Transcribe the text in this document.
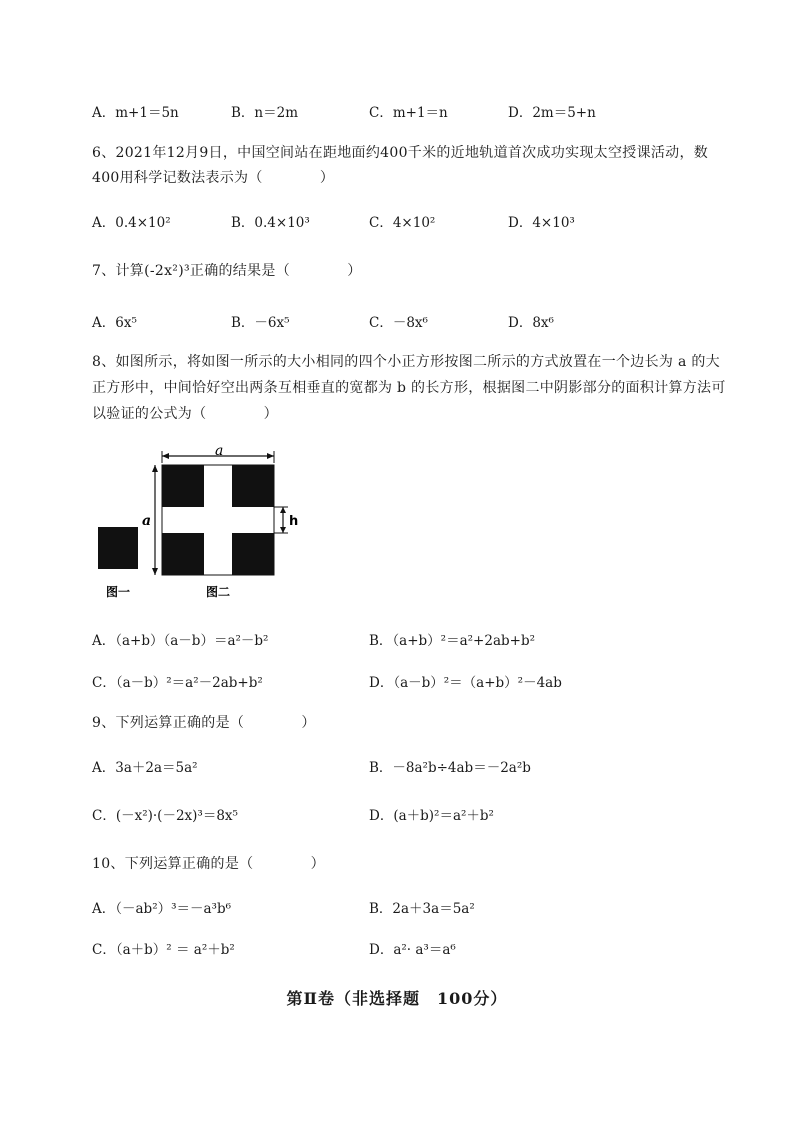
A．m+1＝5n	B．n＝2m	C．m+1＝n	D．2m＝5+n
6、2021年12月9日，中国空间站在距地面约400千米的近地轨道首次成功实现太空授课活动，数
400用科学记数法表示为（　　　　）
A．0.4×10²	B．0.4×10³	C．4×10²	D．4×10³
7、计算(-2x²)³正确的结果是（　　　　）
A．6x⁵	B．－6x⁵	C．－8x⁶	D．8x⁶
8、如图所示，将如图一所示的大小相同的四个小正方形按图二所示的方式放置在一个边长为 a 的大
正方形中，中间恰好空出两条互相垂直的宽都为 b 的长方形，根据图二中阴影部分的面积计算方法可
以验证的公式为（　　　　）
a
a	h
图一	图二
A．（a+b）（a－b）＝a²－b²	B．（a+b）²＝a²+2ab+b²
C．（a－b）²＝a²－2ab+b²	D．（a－b）²＝（a+b）²－4ab
9、下列运算正确的是（　　　　）
A．3a＋2a＝5a²	B．－8a²b÷4ab＝－2a²b
C．(－x²)·(－2x)³＝8x⁵	D．(a＋b)²＝a²＋b²
10、下列运算正确的是（　　　　）
A．（－ab²）³＝－a³b⁶	B．2a＋3a＝5a²
C．（a＋b）² ＝ a²＋b²	D．a²· a³＝a⁶
第Ⅱ卷（非选择题　100分）
